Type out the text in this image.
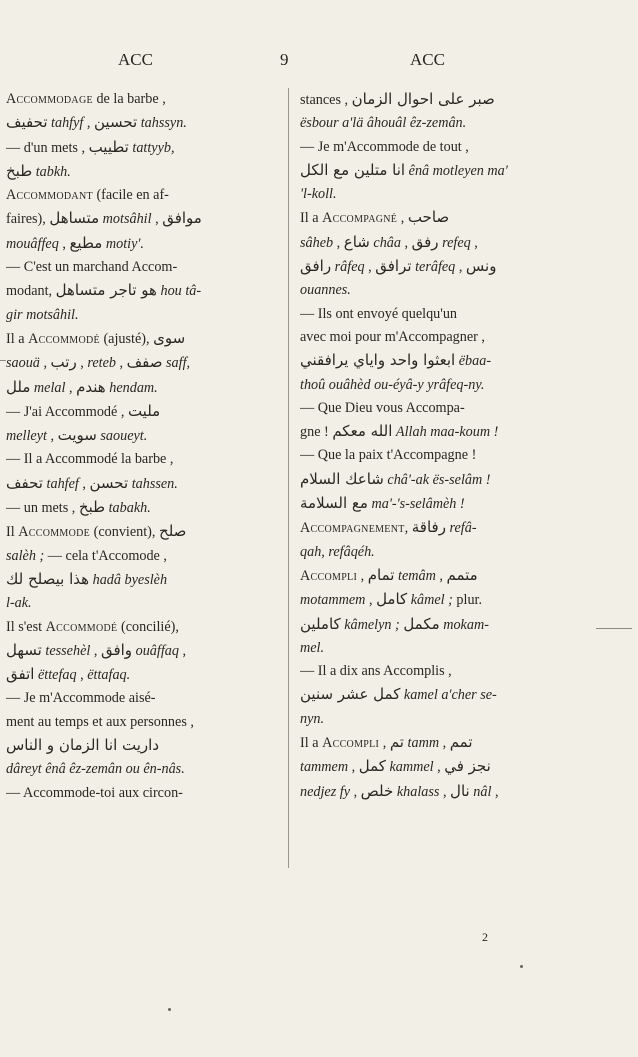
ACC	9	ACC
Accommodage de la barbe ,
تحفيف tahfyf , تحسين tahssyn.
— d'un mets , تطييب tattyyb,
طبخ tabkh.
Accommodant (facile en af-
faires), متساهل motsâhil , موافق
mouâffeq , مطيع motiy'.
— C'est un marchand Accom-
modant, هو تاجر متساهل hou tâ-
gir motsâhil.
Il a Accommodé (ajusté), سوى
saouä , رتب , reteb , صفف saff,
ملل melal , هندم hendam.
— J'ai Accommodé , مليت
melleyt , سويت saoueyt.
— Il a Accommodé la barbe ,
تحفف tahfef , تحسن tahssen.
— un mets , طبخ tabakh.
Il Accommode (convient), صلح
salèh ; — cela t'Accomode ,
هذا بيصلح لك hadâ byeslèh
l-ak.
Il s'est Accommodé (concilié),
تسهل tessehèl , وافق ouâffaq ,
اتفق ëttefaq , ëttafaq.
— Je m'Accommode aisé-
ment au temps et aux personnes ,
داريت انا الزمان و الناس
dâreyt ênâ êz-zemân ou ên-nâs.
— Accommode-toi aux circon-
stances , صبر على احوال الزمان
ësbour a'lä âhouâl êz-zemân.
— Je m'Accommode de tout ,
انا متلين مع الكل ênâ motleyen ma'
'l-koll.
Il a Accompagné , صاحب
sâheb , شاع châa , رفق refeq ,
رافق râfeq , ترافق terâfeq , ونس
ouannes.
— Ils ont envoyé quelqu'un
avec moi pour m'Accompagner ,
ابعثوا واحد واياي يرافقني ëbaa-
thoû ouâhèd ou-éyâ-y yrâfeq-ny.
— Que Dieu vous Accompa-
gne ! الله معكم Allah maa-koum !
— Que la paix t'Accompagne !
شاعك السلام châ'-ak ës-selâm !
مع السلامة ma'-'s-selâmèh !
Accompagnement, رفاقة refâ-
qah, refâqéh.
Accompli , تمام temâm , متمم
motammem , كامل kâmel ; plur.
كاملين kâmelyn ; مكمل mokam-
mel.
— Il a dix ans Accomplis ,
كمل عشر سنين kamel a'cher se-
nyn.
Il a Accompli , تم tamm , تمم
tammem , كمل kammel , نجز في
nedjez fy , خلص khalass , نال nâl ,
2
